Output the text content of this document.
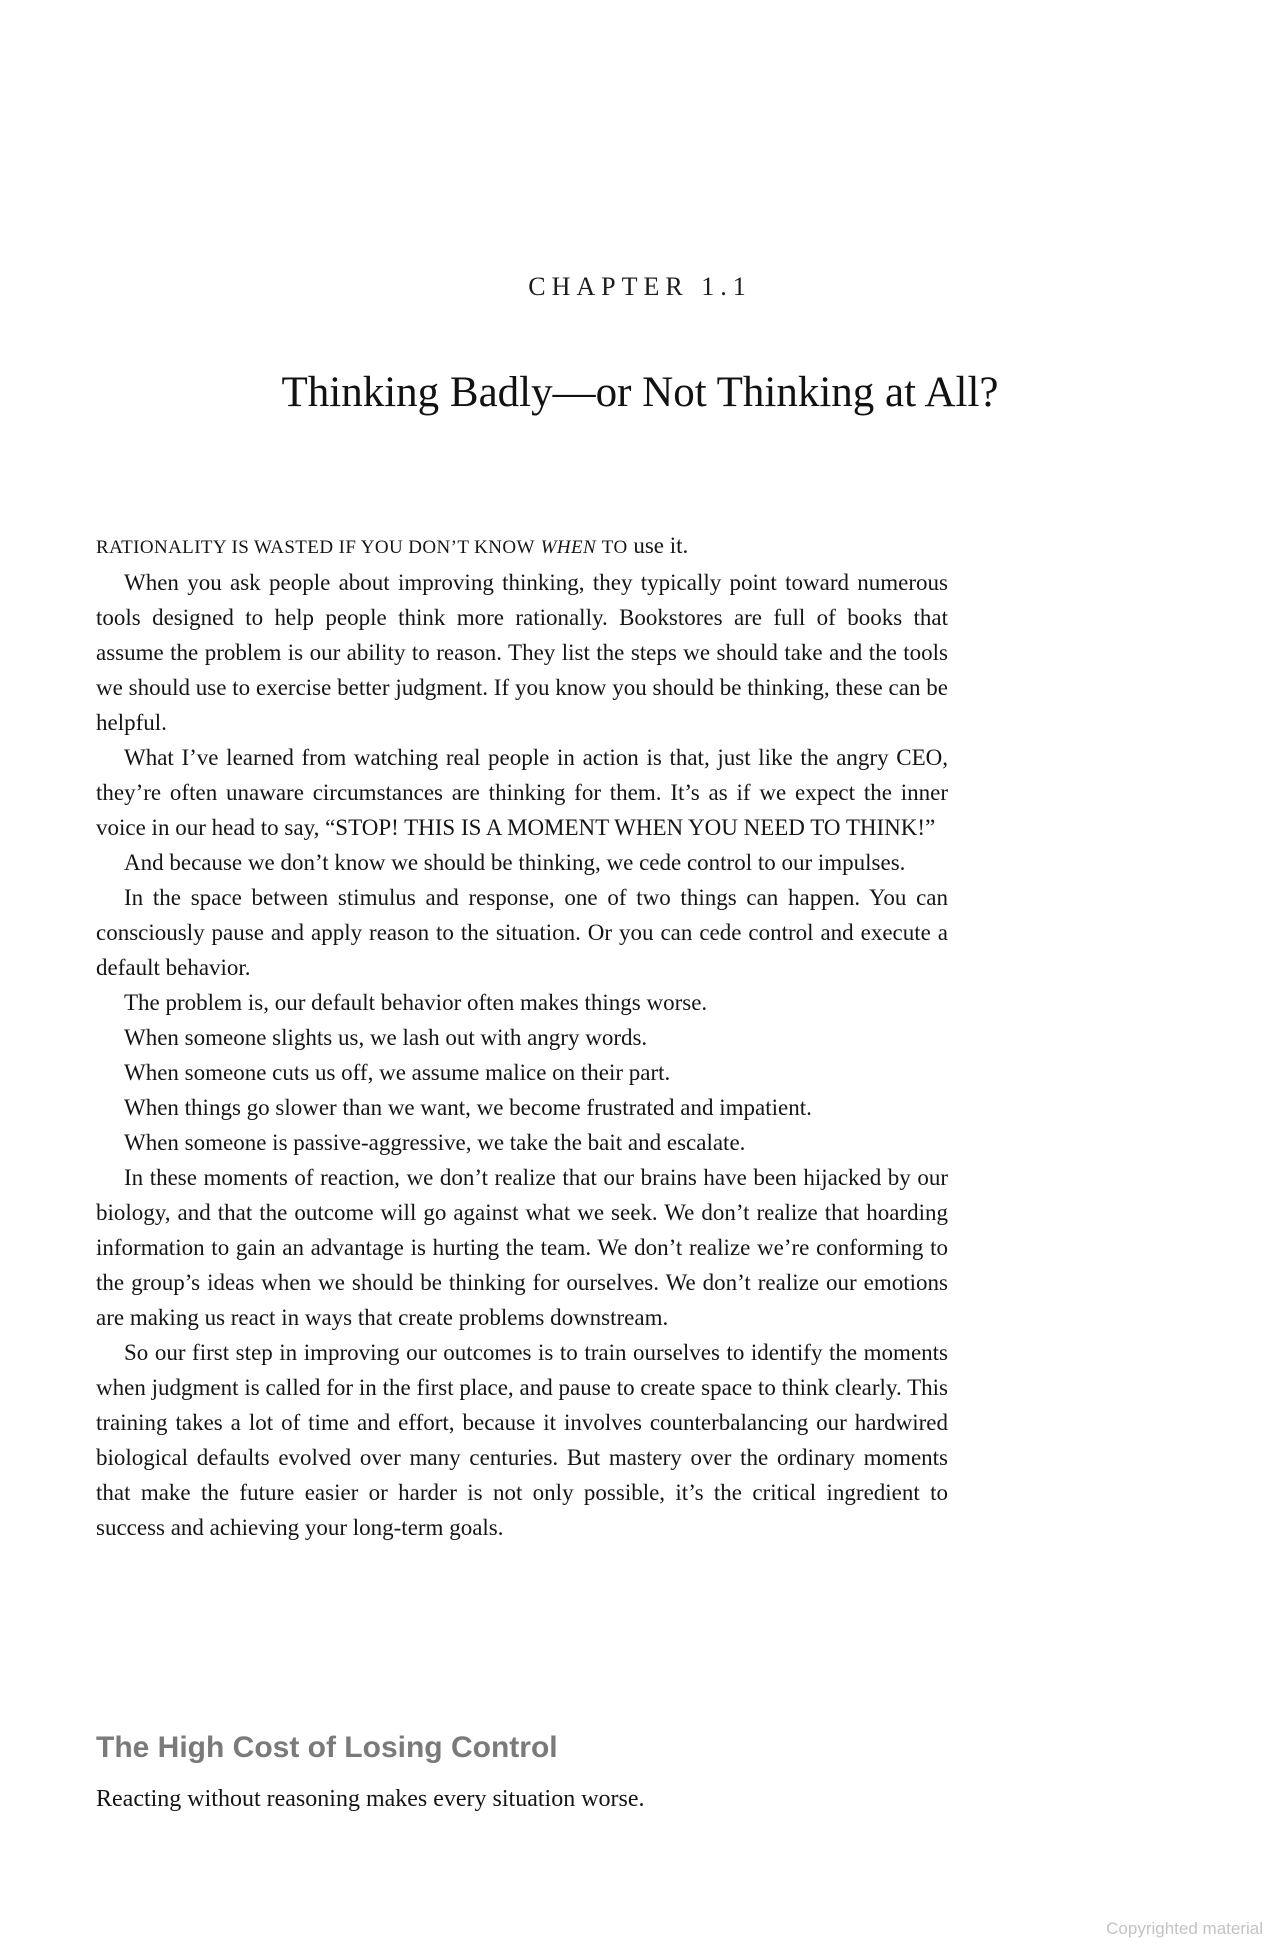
CHAPTER 1.1
Thinking Badly—or Not Thinking at All?

RATIONALITY IS WASTED IF YOU DON’T KNOW WHEN TO use it.

When you ask people about improving thinking, they typically point toward numerous tools designed to help people think more rationally. Bookstores are full of books that assume the problem is our ability to reason. They list the steps we should take and the tools we should use to exercise better judgment. If you know you should be thinking, these can be helpful.

What I’ve learned from watching real people in action is that, just like the angry CEO, they’re often unaware circumstances are thinking for them. It’s as if we expect the inner voice in our head to say, “STOP! THIS IS A MOMENT WHEN YOU NEED TO THINK!”

And because we don’t know we should be thinking, we cede control to our impulses.

In the space between stimulus and response, one of two things can happen. You can consciously pause and apply reason to the situation. Or you can cede control and execute a default behavior.

The problem is, our default behavior often makes things worse.

When someone slights us, we lash out with angry words.

When someone cuts us off, we assume malice on their part.

When things go slower than we want, we become frustrated and impatient.

When someone is passive-aggressive, we take the bait and escalate.

In these moments of reaction, we don’t realize that our brains have been hijacked by our biology, and that the outcome will go against what we seek. We don’t realize that hoarding information to gain an advantage is hurting the team. We don’t realize we’re conforming to the group’s ideas when we should be thinking for ourselves. We don’t realize our emotions are making us react in ways that create problems downstream.

So our first step in improving our outcomes is to train ourselves to identify the moments when judgment is called for in the first place, and pause to create space to think clearly. This training takes a lot of time and effort, because it involves counterbalancing our hardwired biological defaults evolved over many centuries. But mastery over the ordinary moments that make the future easier or harder is not only possible, it’s the critical ingredient to success and achieving your long-term goals.

The High Cost of Losing Control

Reacting without reasoning makes every situation worse.

Copyrighted material
